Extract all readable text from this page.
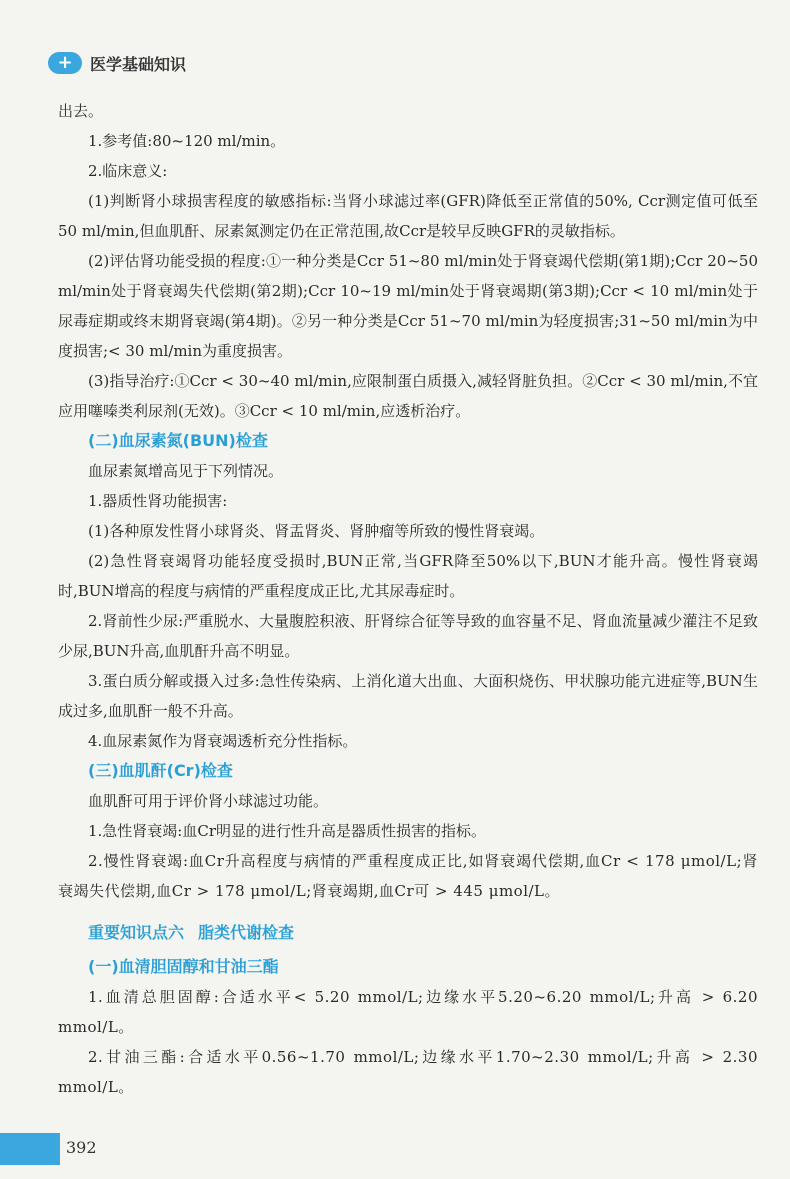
+	医学基础知识

出去。

1.参考值:80~120 ml/min。

2.临床意义:

(1)判断肾小球损害程度的敏感指标:当肾小球滤过率(GFR)降低至正常值的50%, Ccr测定值可低至50 ml/min,但血肌酐、尿素氮测定仍在正常范围,故Ccr是较早反映GFR的灵敏指标。

(2)评估肾功能受损的程度:①一种分类是Ccr 51~80 ml/min处于肾衰竭代偿期(第1期);Ccr 20~50 ml/min处于肾衰竭失代偿期(第2期);Ccr 10~19 ml/min处于肾衰竭期(第3期);Ccr < 10 ml/min处于尿毒症期或终末期肾衰竭(第4期)。②另一种分类是Ccr 51~70 ml/min为轻度损害;31~50 ml/min为中度损害;< 30 ml/min为重度损害。

(3)指导治疗:①Ccr < 30~40 ml/min,应限制蛋白质摄入,减轻肾脏负担。②Ccr < 30 ml/min,不宜应用噻嗪类利尿剂(无效)。③Ccr < 10 ml/min,应透析治疗。

(二)血尿素氮(BUN)检查

血尿素氮增高见于下列情况。

1.器质性肾功能损害:

(1)各种原发性肾小球肾炎、肾盂肾炎、肾肿瘤等所致的慢性肾衰竭。

(2)急性肾衰竭肾功能轻度受损时,BUN正常,当GFR降至50%以下,BUN才能升高。慢性肾衰竭时,BUN增高的程度与病情的严重程度成正比,尤其尿毒症时。

2.肾前性少尿:严重脱水、大量腹腔积液、肝肾综合征等导致的血容量不足、肾血流量减少灌注不足致少尿,BUN升高,血肌酐升高不明显。

3.蛋白质分解或摄入过多:急性传染病、上消化道大出血、大面积烧伤、甲状腺功能亢进症等,BUN生成过多,血肌酐一般不升高。

4.血尿素氮作为肾衰竭透析充分性指标。

(三)血肌酐(Cr)检查

血肌酐可用于评价肾小球滤过功能。

1.急性肾衰竭:血Cr明显的进行性升高是器质性损害的指标。

2.慢性肾衰竭:血Cr升高程度与病情的严重程度成正比,如肾衰竭代偿期,血Cr < 178 μmol/L;肾衰竭失代偿期,血Cr > 178 μmol/L;肾衰竭期,血Cr可 > 445 μmol/L。

重要知识点六 脂类代谢检查
(一)血清胆固醇和甘油三酯

1.血清总胆固醇:合适水平< 5.20 mmol/L;边缘水平5.20~6.20 mmol/L;升高 > 6.20 mmol/L。

2.甘油三酯:合适水平0.56~1.70 mmol/L;边缘水平1.70~2.30 mmol/L;升高 > 2.30 mmol/L。

392
